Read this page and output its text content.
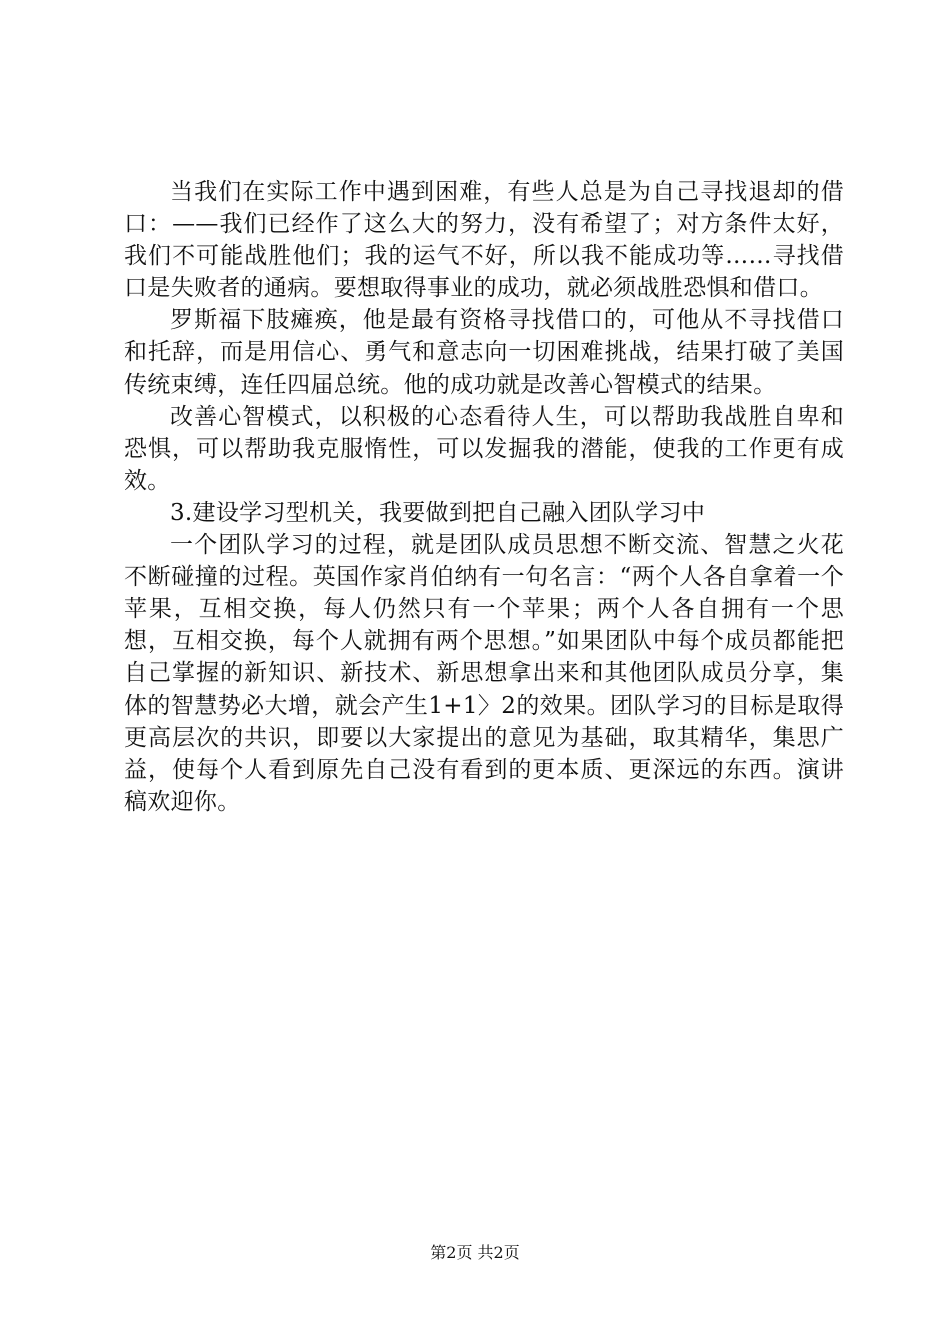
当我们在实际工作中遇到困难，有些人总是为自己寻找退却的借口：——我们已经作了这么大的努力，没有希望了；对方条件太好，我们不可能战胜他们；我的运气不好，所以我不能成功等……寻找借口是失败者的通病。要想取得事业的成功，就必须战胜恐惧和借口。

罗斯福下肢瘫痪，他是最有资格寻找借口的，可他从不寻找借口和托辞，而是用信心、勇气和意志向一切困难挑战，结果打破了美国传统束缚，连任四届总统。他的成功就是改善心智模式的结果。

改善心智模式，以积极的心态看待人生，可以帮助我战胜自卑和恐惧，可以帮助我克服惰性，可以发掘我的潜能，使我的工作更有成效。

3.建设学习型机关，我要做到把自己融入团队学习中

一个团队学习的过程，就是团队成员思想不断交流、智慧之火花不断碰撞的过程。英国作家肖伯纳有一句名言：“两个人各自拿着一个苹果，互相交换，每人仍然只有一个苹果；两个人各自拥有一个思想，互相交换，每个人就拥有两个思想。”如果团队中每个成员都能把自己掌握的新知识、新技术、新思想拿出来和其他团队成员分享，集体的智慧势必大增，就会产生1+1〉2的效果。团队学习的目标是取得更高层次的共识，即要以大家提出的意见为基础，取其精华，集思广益，使每个人看到原先自己没有看到的更本质、更深远的东西。演讲稿欢迎你。

第2页 共2页
